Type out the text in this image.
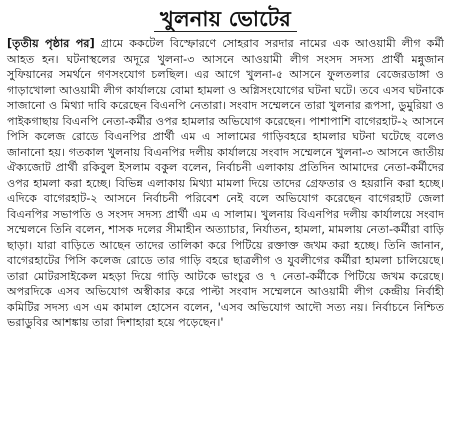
খুলনায় ভোটের

[তৃতীয় পৃষ্ঠার পর] গ্রামে ককটেল বিস্ফোরণে সোহরাব সরদার নামের এক আওয়ামী লীগ কর্মী আহত হন। ঘটনাস্থলের অদূরে খুলনা-৩ আসনে আওয়ামী লীগ সংসদ সদস্য প্রার্থী মন্নুজান সুফিয়ানের সমর্থনে গণসংযোগ চলছিল। এর আগে খুলনা-৫ আসনে ফুলতলার বেজেরডাঙ্গা ও গাড়াখোলা আওয়ামী লীগ কার্যালয়ে বোমা হামলা ও অগ্নিসংযোগের ঘটনা ঘটে। তবে এসব ঘটনাকে সাজানো ও মিথ্যা দাবি করেছেন বিএনপি নেতারা। সংবাদ সম্মেলনে তারা খুলনার রূপসা, ডুমুরিয়া ও পাইকগাছায় বিএনপি নেতা-কর্মীর ওপর হামলার অভিযোগ করেছেন। পাশাপাশি বাগেরহাট-২ আসনে পিসি কলেজ রোডে বিএনপির প্রার্থী এম এ সালামের গাড়িবহরে হামলার ঘটনা ঘটেছে বলেও জানানো হয়। গতকাল খুলনায় বিএনপির দলীয় কার্যালয়ে সংবাদ সম্মেলনে খুলনা-৩ আসনে জাতীয় ঐক্যজোট প্রার্থী রকিবুল ইসলাম বকুল বলেন, নির্বাচনী এলাকায় প্রতিদিন আমাদের নেতা-কর্মীদের ওপর হামলা করা হচ্ছে। বিভিন্ন এলাকায় মিথ্যা মামলা দিয়ে তাদের গ্রেফতার ও হয়রানি করা হচ্ছে। এদিকে বাগেরহাট-২ আসনে নির্বাচনী পরিবেশ নেই বলে অভিযোগ করেছেন বাগেরহাট জেলা বিএনপির সভাপতি ও সংসদ সদস্য প্রার্থী এম এ সালাম। খুলনায় বিএনপির দলীয় কার্যালয়ে সংবাদ সম্মেলনে তিনি বলেন, শাসক দলের সীমাহীন অত্যাচার, নির্যাতন, হামলা, মামলায় নেতা-কর্মীরা বাড়ি ছাড়া। যারা বাড়িতে আছেন তাদের তালিকা করে পিটিয়ে রক্তাক্ত জখম করা হচ্ছে। তিনি জানান, বাগেরহাটের পিসি কলেজ রোডে তার গাড়ি বহরে ছাত্রলীগ ও যুবলীগের কর্মীরা হামলা চালিয়েছে। তারা মোটরসাইকেল মহড়া দিয়ে গাড়ি আটকে ভাংচুর ও ৭ নেতা-কর্মীকে পিটিয়ে জখম করেছে। অপরদিকে এসব অভিযোগ অস্বীকার করে পাল্টা সংবাদ সম্মেলনে আওয়ামী লীগ কেন্দ্রীয় নির্বাহী কমিটির সদস্য এস এম কামাল হোসেন বলেন, 'এসব অভিযোগ আদৌ সত্য নয়। নির্বাচনে নিশ্চিত ভরাডুবির আশঙ্কায় তারা দিশাহারা হয়ে পড়েছেন।'
